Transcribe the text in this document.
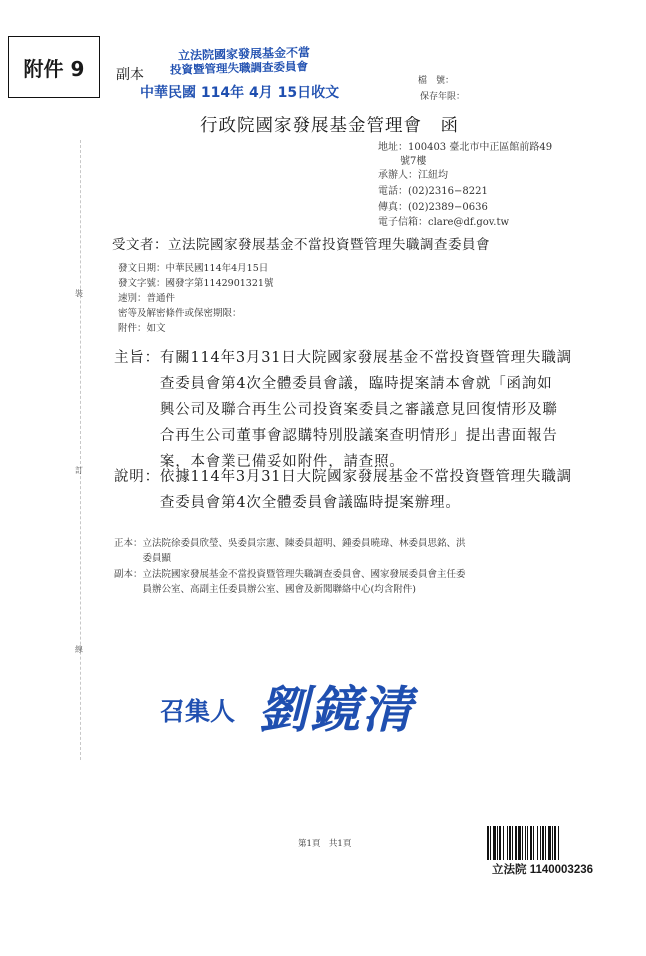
附件 9	副本
立法院國家發展基金不當
投資暨管理失職調查委員會
中華民國 114年 4月 15日收文
檔　號：
保存年限：
行政院國家發展基金管理會　函
地址：100403 臺北市中正區館前路49
號7樓
承辦人：江紐均
電話：(02)2316−8221
傳真：(02)2389−0636
電子信箱：clare@df.gov.tw
裝
訂
線
受文者：立法院國家發展基金不當投資暨管理失職調查委員會
發文日期：中華民國114年4月15日
發文字號：國發字第1142901321號
速別：普通件
密等及解密條件或保密期限：
附件：如文
主旨：有關114年3月31日大院國家發展基金不當投資暨管理失職調
　　　查委員會第4次全體委員會議，臨時提案請本會就「函詢如
　　　興公司及聯合再生公司投資案委員之審議意見回復情形及聯
　　　合再生公司董事會認購特別股議案查明情形」提出書面報告
　　　案，本會業已備妥如附件，請查照。
說明：依據114年3月31日大院國家發展基金不當投資暨管理失職調
　　　查委員會第4次全體委員會議臨時提案辦理。
正本：立法院徐委員欣瑩、吳委員宗憲、陳委員超明、鍾委員曉瑋、林委員思銘、洪
　　　委員顯
副本：立法院國家發展基金不當投資暨管理失職調查委員會、國家發展委員會主任委
　　　員辦公室、高副主任委員辦公室、國會及新聞聯絡中心(均含附件)
召集人 劉鏡清
第1頁　共1頁
立法院 1140003236
